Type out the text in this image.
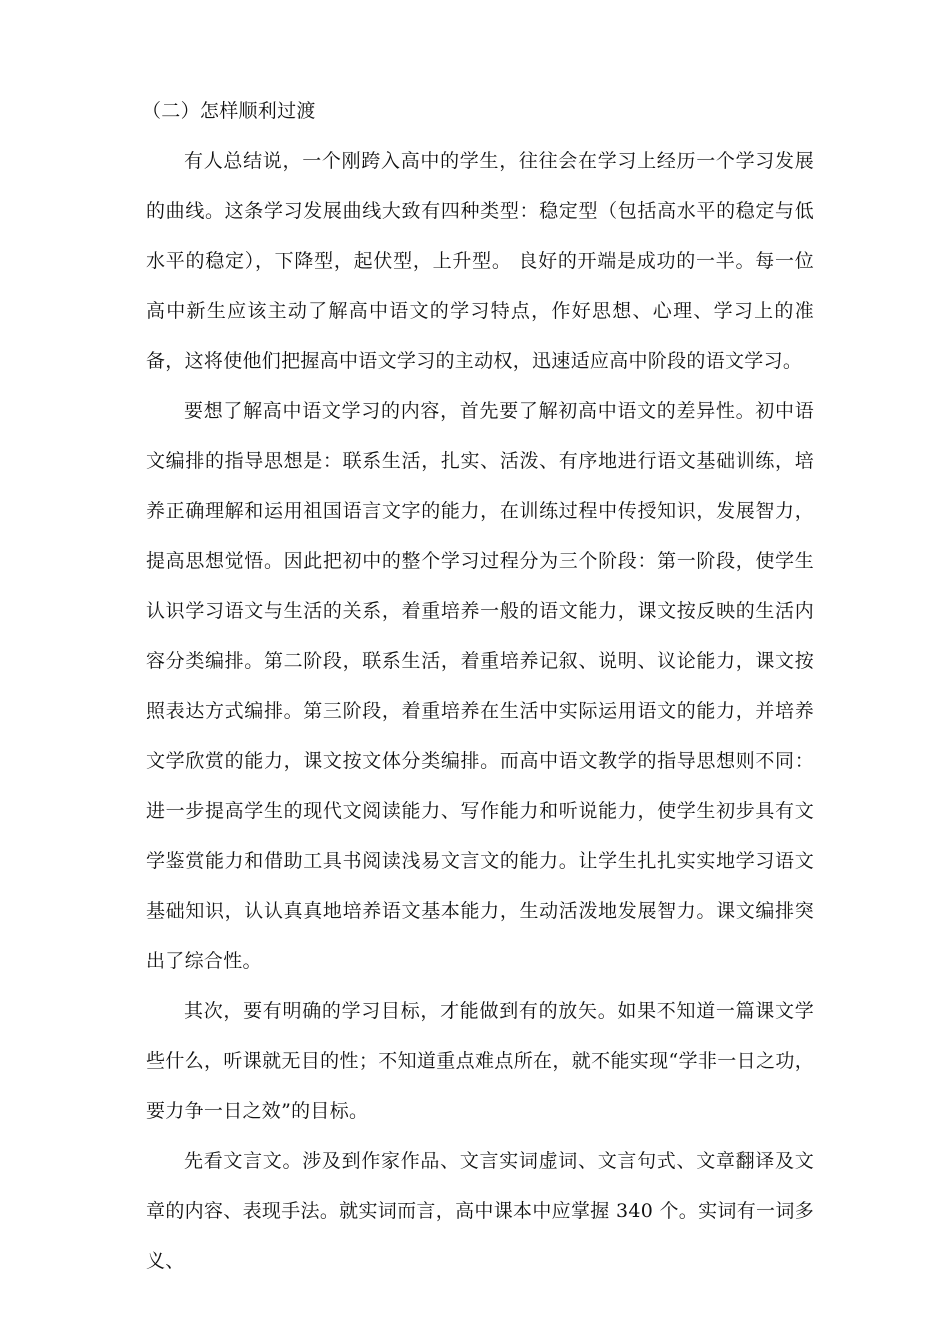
（二）怎样顺利过渡

有人总结说，一个刚跨入高中的学生，往往会在学习上经历一个学习发展的曲线。这条学习发展曲线大致有四种类型：稳定型（包括高水平的稳定与低水平的稳定），下降型，起伏型，上升型。 良好的开端是成功的一半。每一位高中新生应该主动了解高中语文的学习特点，作好思想、心理、学习上的准备，这将使他们把握高中语文学习的主动权，迅速适应高中阶段的语文学习。

要想了解高中语文学习的内容，首先要了解初高中语文的差异性。初中语文编排的指导思想是：联系生活，扎实、活泼、有序地进行语文基础训练，培养正确理解和运用祖国语言文字的能力，在训练过程中传授知识，发展智力，提高思想觉悟。因此把初中的整个学习过程分为三个阶段：第一阶段，使学生认识学习语文与生活的关系，着重培养一般的语文能力，课文按反映的生活内容分类编排。第二阶段，联系生活，着重培养记叙、说明、议论能力，课文按照表达方式编排。第三阶段，着重培养在生活中实际运用语文的能力，并培养文学欣赏的能力，课文按文体分类编排。而高中语文教学的指导思想则不同：进一步提高学生的现代文阅读能力、写作能力和听说能力，使学生初步具有文学鉴赏能力和借助工具书阅读浅易文言文的能力。让学生扎扎实实地学习语文基础知识，认认真真地培养语文基本能力，生动活泼地发展智力。课文编排突出了综合性。

其次，要有明确的学习目标，才能做到有的放矢。如果不知道一篇课文学些什么，听课就无目的性；不知道重点难点所在，就不能实现“学非一日之功，要力争一日之效”的目标。

先看文言文。涉及到作家作品、文言实词虚词、文言句式、文章翻译及文章的内容、表现手法。就实词而言，高中课本中应掌握 340 个。实词有一词多义、
